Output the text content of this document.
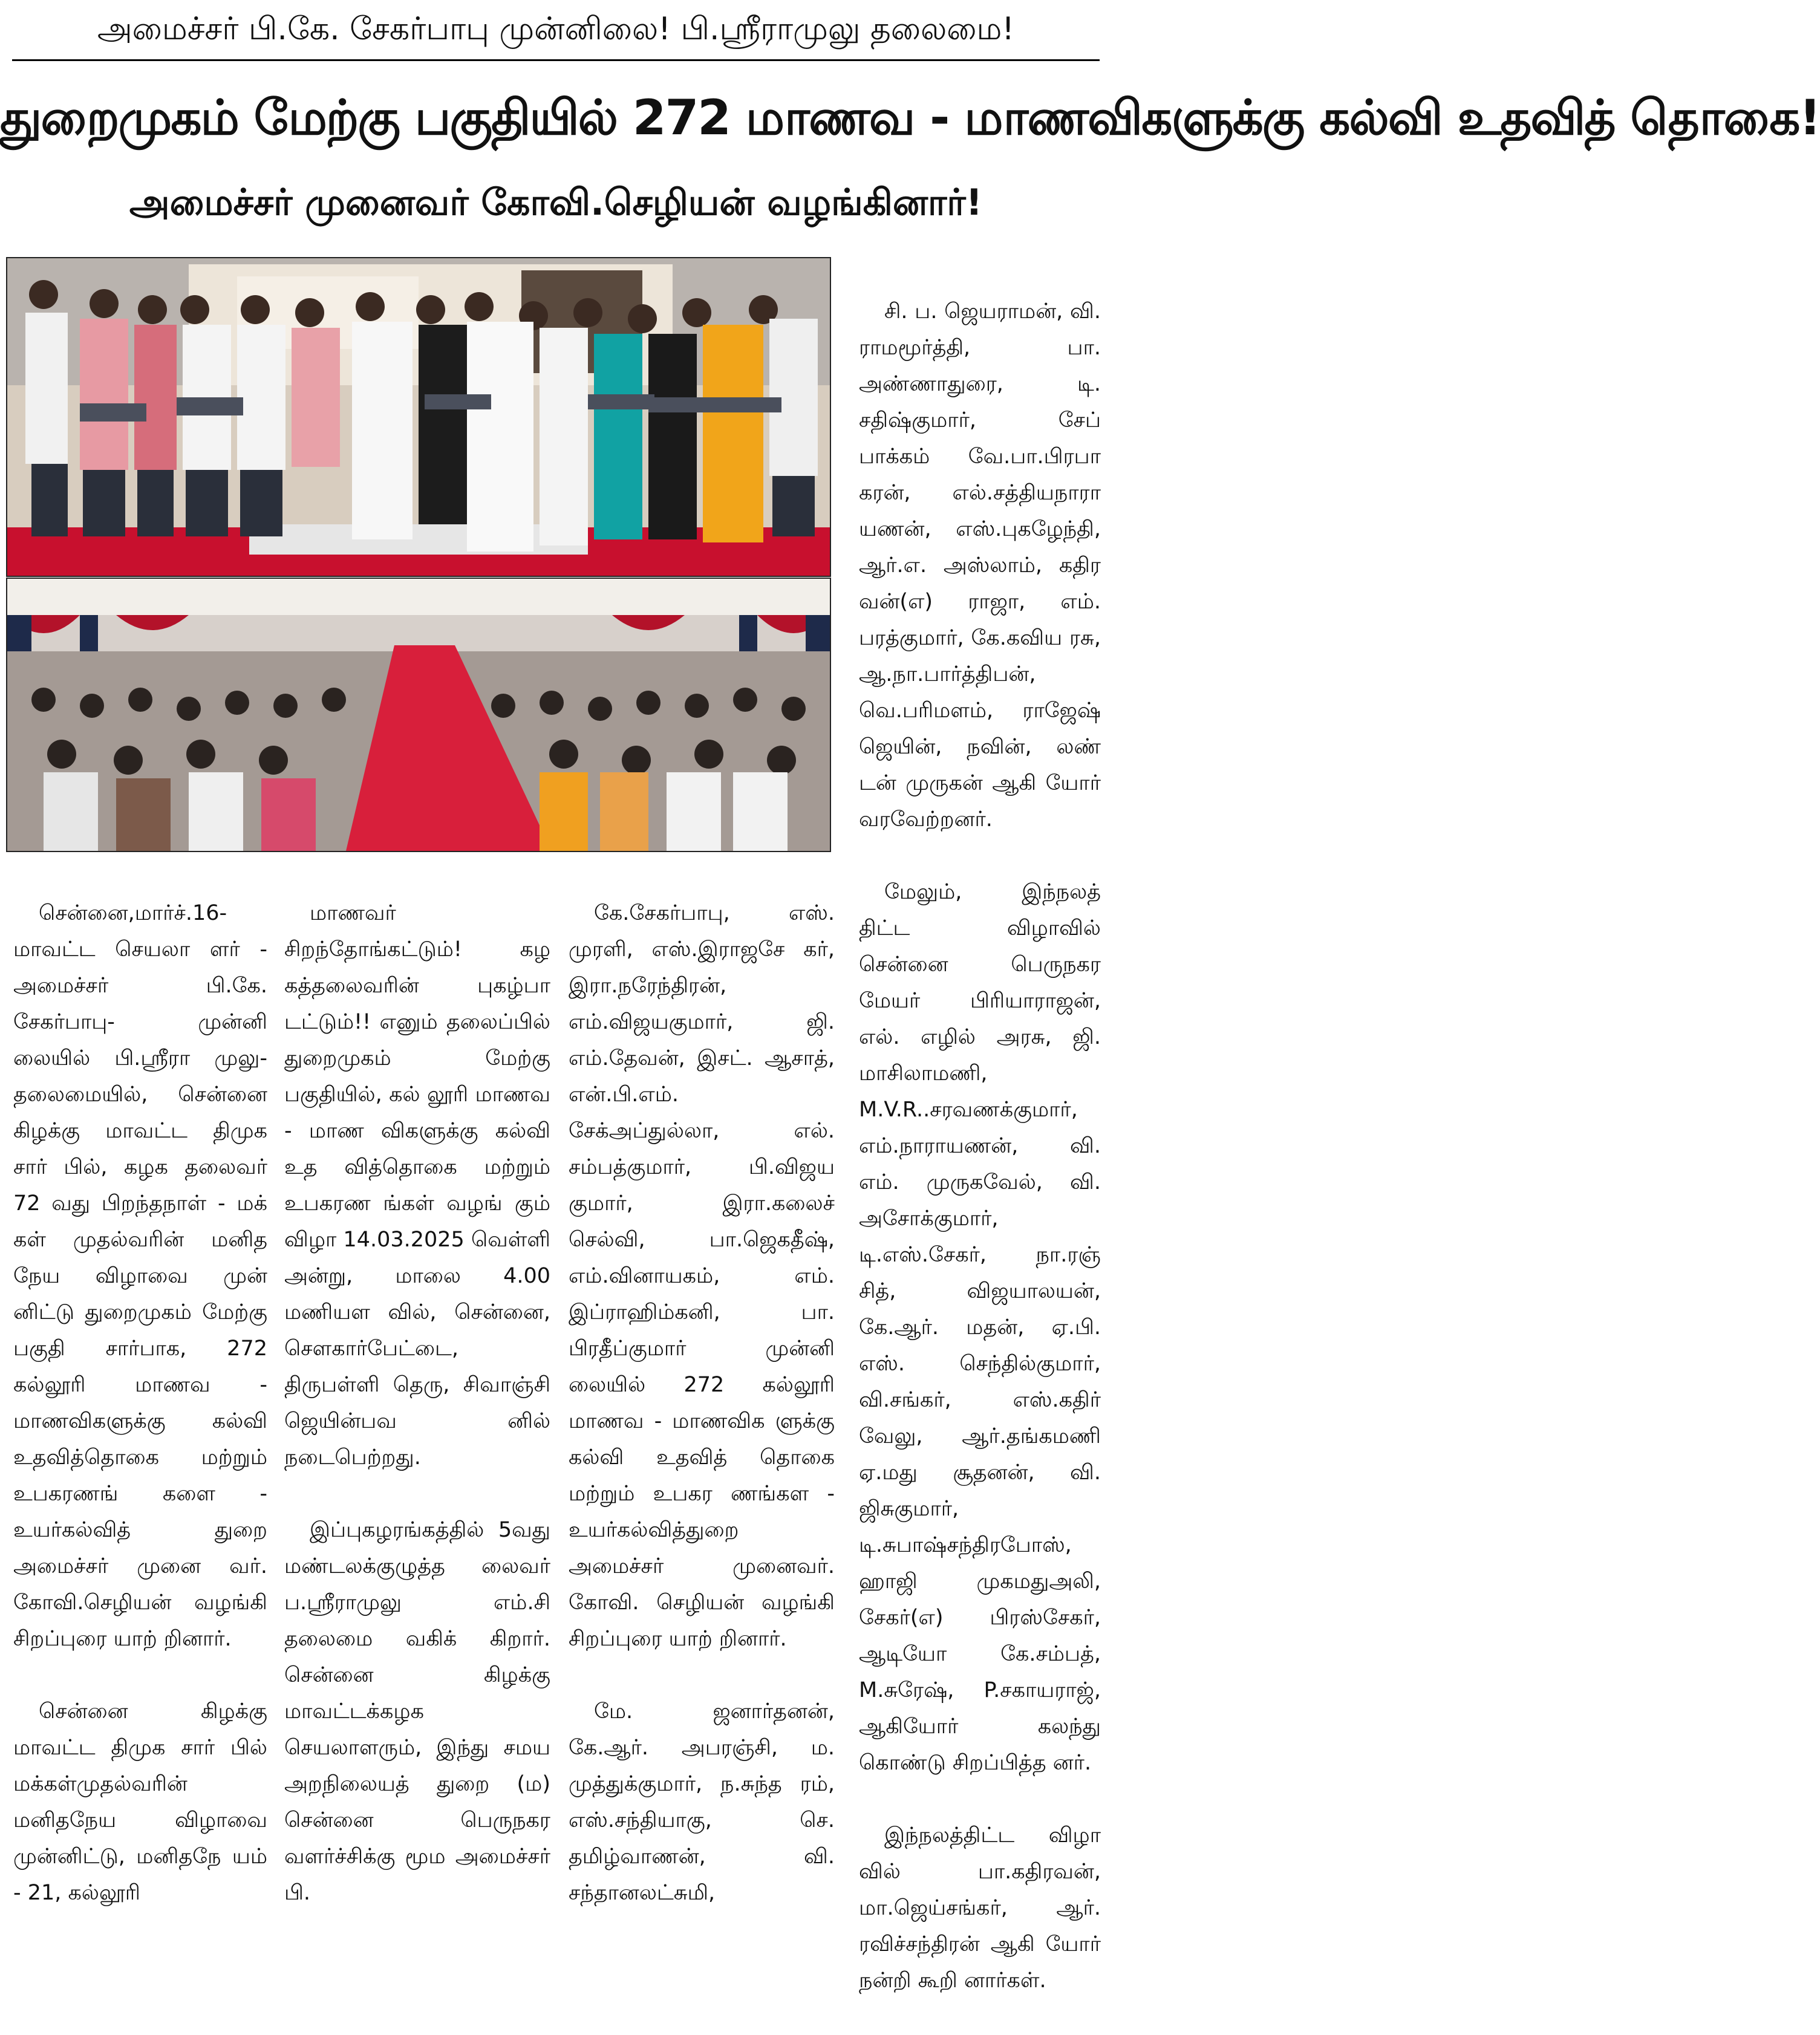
அமைச்சர் பி.கே. சேகர்பாபு முன்னிலை! பி.ஸ்ரீராமுலு தலைமை!
துறைமுகம் மேற்கு பகுதியில் 272 மாணவ - மாணவிகளுக்கு கல்வி உதவித் தொகை!
அமைச்சர் முனைவர் கோவி.செழியன் வழங்கினார்!

சி. ப. ஜெயராமன், வி. ராமமூர்த்தி, பா. அண்ணாதுரை, டி. சதிஷ்குமார், சேப் பாக்கம் வே.பா.பிரபா கரன், எல்.சத்தியநாரா யணன், எஸ்.புகழேந்தி, ஆர்.எ. அஸ்லாம், கதிர வன்(எ) ராஜா, எம். பரத்குமார், கே.கவிய ரசு, ஆ.நா.பார்த்திபன், வெ.பரிமளம், ராஜேஷ் ஜெயின், நவின், லண் டன் முருகன் ஆகி யோர் வரவேற்றனர்.

மேலும், இந்நலத் திட்ட விழாவில் சென்னை பெருநகர மேயர் பிரியாராஜன், எல். எழில் அரசு, ஜி. மாசிலாமணி, M.V.R..சரவணக்குமார், எம்.நாராயணன், வி. எம். முருகவேல், வி. அசோக்குமார், டி.எஸ்.சேகர், நா.ரஞ் சித், விஜயாலயன், கே.ஆர். மதன், ஏ.பி. எஸ். செந்தில்குமார், வி.சங்கர், எஸ்.கதிர் வேலு, ஆர்.தங்கமணி ஏ.மது சூதனன், வி. ஜிசுகுமார், டி.சுபாஷ்சந்திரபோஸ், ஹாஜி முகமதுஅலி, சேகர்(எ) பிரஸ்சேகர், ஆடியோ கே.சம்பத், M.சுரேஷ், P.சகாயராஜ், ஆகியோர் கலந்து கொண்டு சிறப்பித்த னர்.

இந்நலத்திட்ட விழா வில் பா.கதிரவன், மா.ஜெய்சங்கர், ஆர். ரவிச்சந்திரன் ஆகி யோர் நன்றி கூறி னார்கள்.

சென்னை,மார்ச்.16- மாவட்ட செயலா ளர் - அமைச்சர் பி.கே. சேகர்பாபு- முன்னி லையில் பி.ஸ்ரீரா முலு- தலைமையில், சென்னை கிழக்கு மாவட்ட திமுக சார் பில், கழக தலைவர் 72 வது பிறந்தநாள் - மக் கள் முதல்வரின் மனித நேய விழாவை முன் னிட்டு துறைமுகம் மேற்கு பகுதி சார்பாக, 272 கல்லூரி மாணவ - மாணவிகளுக்கு கல்வி உதவித்தொகை மற்றும் உபகரணங் களை - உயர்கல்வித் துறை அமைச்சர் முனை வர். கோவி.செழியன் வழங்கி சிறப்புரை யாற் றினார்.

சென்னை கிழக்கு மாவட்ட திமுக சார் பில் மக்கள்முதல்வரின் மனிதநேய விழாவை முன்னிட்டு, மனிதநே யம் - 21, கல்லூரி

மாணவர் சிறந்தோங்கட்டும்! கழ கத்தலைவரின் புகழ்பா டட்டும்!! எனும் தலைப்பில் துறைமுகம் மேற்கு பகுதியில், கல் லூரி மாணவ - மாண விகளுக்கு கல்வி உத வித்தொகை மற்றும் உபகரண ங்கள் வழங் கும் விழா 14.03.2025 வெள்ளி அன்று, மாலை 4.00 மணியள வில், சென்னை, சௌகார்பேட்டை, திருபள்ளி தெரு, சிவாஞ்சி ஜெயின்பவ னில் நடைபெற்றது.

இப்புகழரங்கத்தில் 5வது மண்டலக்குழுத்த லைவர் ப.ஸ்ரீராமுலு எம்.சி தலைமை வகிக் கிறார். சென்னை கிழக்கு மாவட்டக்கழக செயலாளரும், இந்து சமய அறநிலையத் துறை (ம) சென்னை பெருநகர வளர்ச்சிக்கு மூம அமைச்சர் பி.

கே.சேகர்பாபு, எஸ். முரளி, எஸ்.இராஜசே கர், இரா.நரேந்திரன், எம்.விஜயகுமார், ஜி. எம்.தேவன், இசட். ஆசாத், என்.பி.எம். சேக்அப்துல்லா, எல். சம்பத்குமார், பி.விஜய குமார், இரா.கலைச் செல்வி, பா.ஜெகதீஷ், எம்.வினாயகம், எம். இப்ராஹிம்கனி, பா. பிரதீப்குமார் முன்னி லையில் 272 கல்லூரி மாணவ - மாணவிக ளுக்கு கல்வி உதவித் தொகை மற்றும் உபகர ணங்கள - உயர்கல்வித்துறை அமைச்சர் முனைவர். கோவி. செழியன் வழங்கி சிறப்புரை யாற் றினார்.

மே. ஜனார்தனன், கே.ஆர். அபரஞ்சி, ம. முத்துக்குமார், ந.சுந்த ரம், எஸ்.சந்தியாகு, செ. தமிழ்வாணன், வி. சந்தானலட்சுமி,
